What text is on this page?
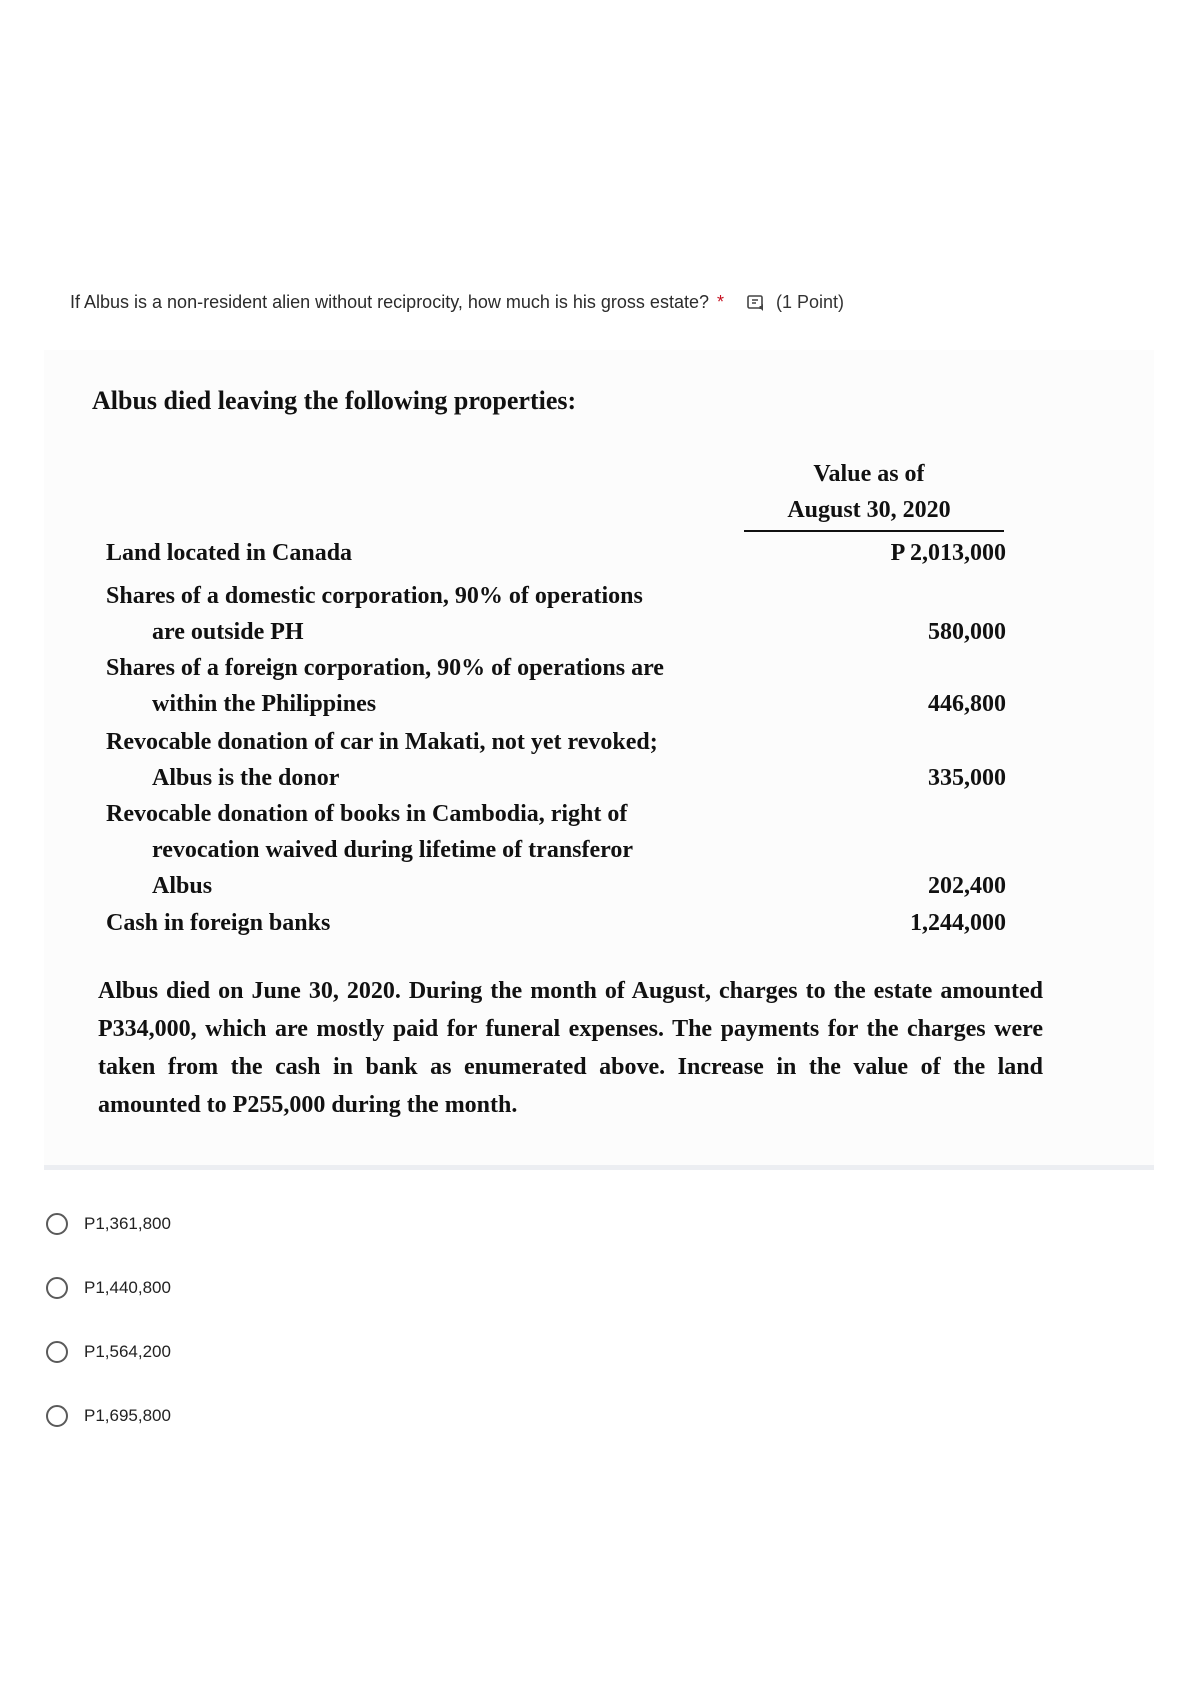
If Albus is a non-resident alien without reciprocity, how much is his gross estate? *	(1 Point)
Albus died leaving the following properties:
Value as of
August 30, 2020
Land located in Canada	P 2,013,000
Shares of a domestic corporation, 90% of operations
are outside PH	580,000
Shares of a foreign corporation, 90% of operations are
within the Philippines	446,800
Revocable donation of car in Makati, not yet revoked;
Albus is the donor	335,000
Revocable donation of books in Cambodia, right of
revocation waived during lifetime of transferor
Albus	202,400
Cash in foreign banks	1,244,000
Albus died on June 30, 2020. During the month of August, charges to the estate amounted P334,000, which are mostly paid for funeral expenses. The payments for the charges were taken from the cash in bank as enumerated above. Increase in the value of the land amounted to P255,000 during the month.
P1,361,800
P1,440,800
P1,564,200
P1,695,800
